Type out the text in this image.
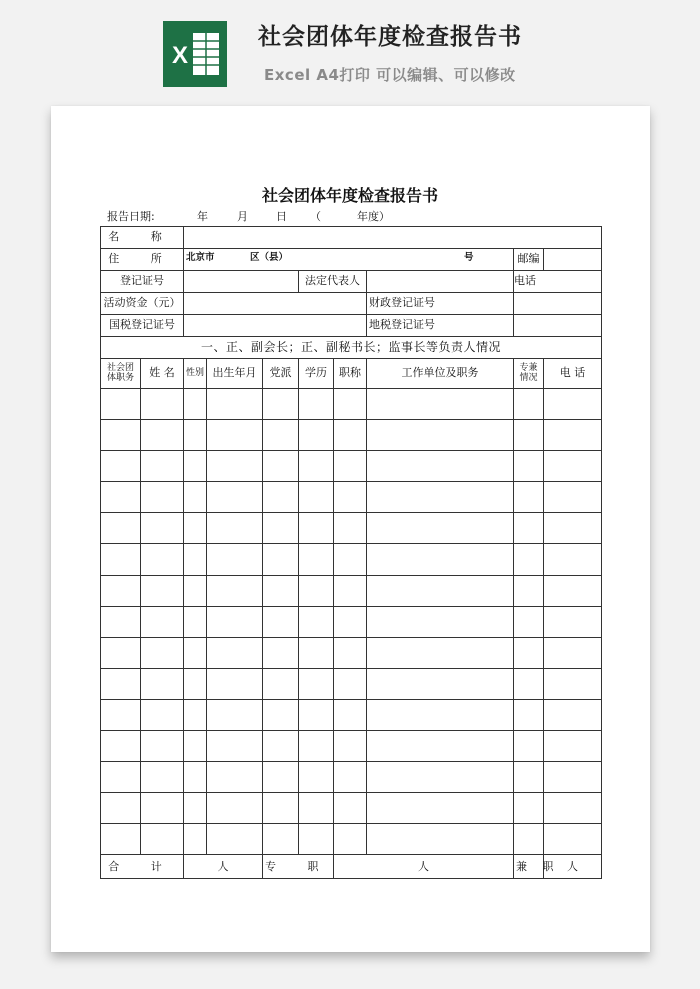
X
社会团体年度检查报告书
Excel A4打印 可以编辑、可以修改
社会团体年度检查报告书
报告日期:	年	月	日 （	年度）
名 称									
住 所		北京市 区（县） 号						邮编	
登记证号					法定代表人			电话	
活动资金（元）							财政登记证号		
国税登记证号							地税登记证号		
一、正、副会长；正、副秘书长；监事长等负责人情况									
社会团体职务	姓 名	性别	出生年月	党派	学历	职称	工作单位及职务	专兼情况	电 话

合 计		人		专 职		人		兼 职	人
